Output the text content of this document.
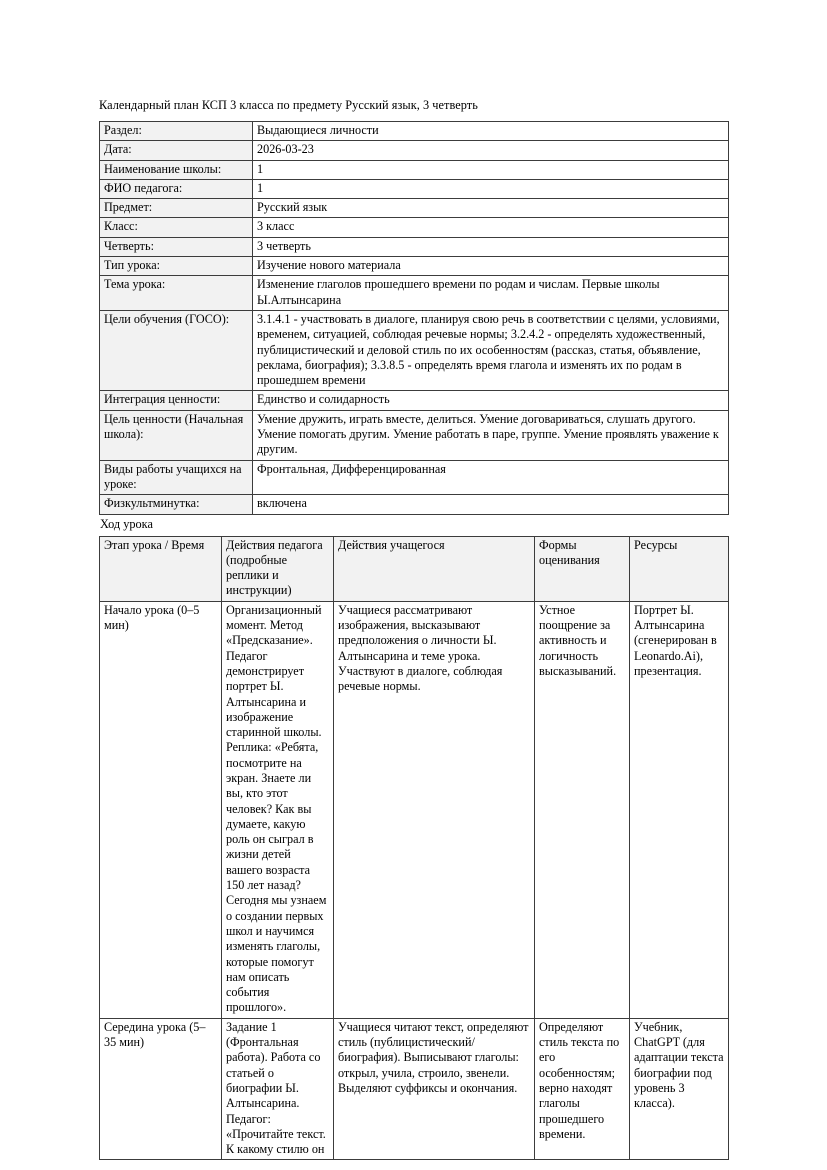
Календарный план КСП 3 класса по предмету Русский язык, 3 четверть
Раздел:	Выдающиеся личности
Дата:	2026-03-23
Наименование школы:	1
ФИО педагога:	1
Предмет:	Русский язык
Класс:	3 класс
Четверть:	3 четверть
Тип урока:	Изучение нового материала
Тема урока:	Изменение глаголов прошедшего времени по родам и числам. Первые школы Ы.Алтынсарина
Цели обучения (ГОСО):	3.1.4.1 - участвовать в диалоге, планируя свою речь в соответствии с целями, условиями, временем, ситуацией, соблюдая речевые нормы; 3.2.4.2 - определять художественный, публицистический и деловой стиль по их особенностям (рассказ, статья, объявление, реклама, биография); 3.3.8.5 - определять время глагола и изменять их по родам в прошедшем времени
Интеграция ценности:	Единство и солидарность
Цель ценности (Начальная школа):	Умение дружить, играть вместе, делиться. Умение договариваться, слушать другого. Умение помогать другим. Умение работать в паре, группе. Умение проявлять уважение к другим.
Виды работы учащихся на уроке:	Фронтальная, Дифференцированная
Физкультминутка:	включена
Ход урока
Этап урока / Время	Действия педагога (подробные реплики и инструкции)	Действия учащегося	Формы оценивания	Ресурсы
Начало урока (0–5 мин)	Организационный момент. Метод «Предсказание». Педагог демонстрирует портрет Ы. Алтынсарина и изображение старинной школы. Реплика: «Ребята, посмотрите на экран. Знаете ли вы, кто этот человек? Как вы думаете, какую роль он сыграл в жизни детей вашего возраста 150 лет назад? Сегодня мы узнаем о создании первых школ и научимся изменять глаголы, которые помогут нам описать события прошлого».	Учащиеся рассматривают изображения, высказывают предположения о личности Ы. Алтынсарина и теме урока. Участвуют в диалоге, соблюдая речевые нормы.	Устное поощрение за активность и логичность высказываний.	Портрет Ы. Алтынсарина (сгенерирован в Leonardo.Ai), презентация.
Середина урока (5–35 мин)	Задание 1 (Фронтальная работа). Работа со статьей о биографии Ы. Алтынсарина. Педагог: «Прочитайте текст. К какому стилю он	Учащиеся читают текст, определяют стиль (публицистический/биография). Выписывают глаголы: открыл, учила, строило, звенели. Выделяют суффиксы и окончания.	Определяют стиль текста по его особенностям; верно находят глаголы прошедшего времени.	Учебник, ChatGPT (для адаптации текста биографии под уровень 3 класса).
